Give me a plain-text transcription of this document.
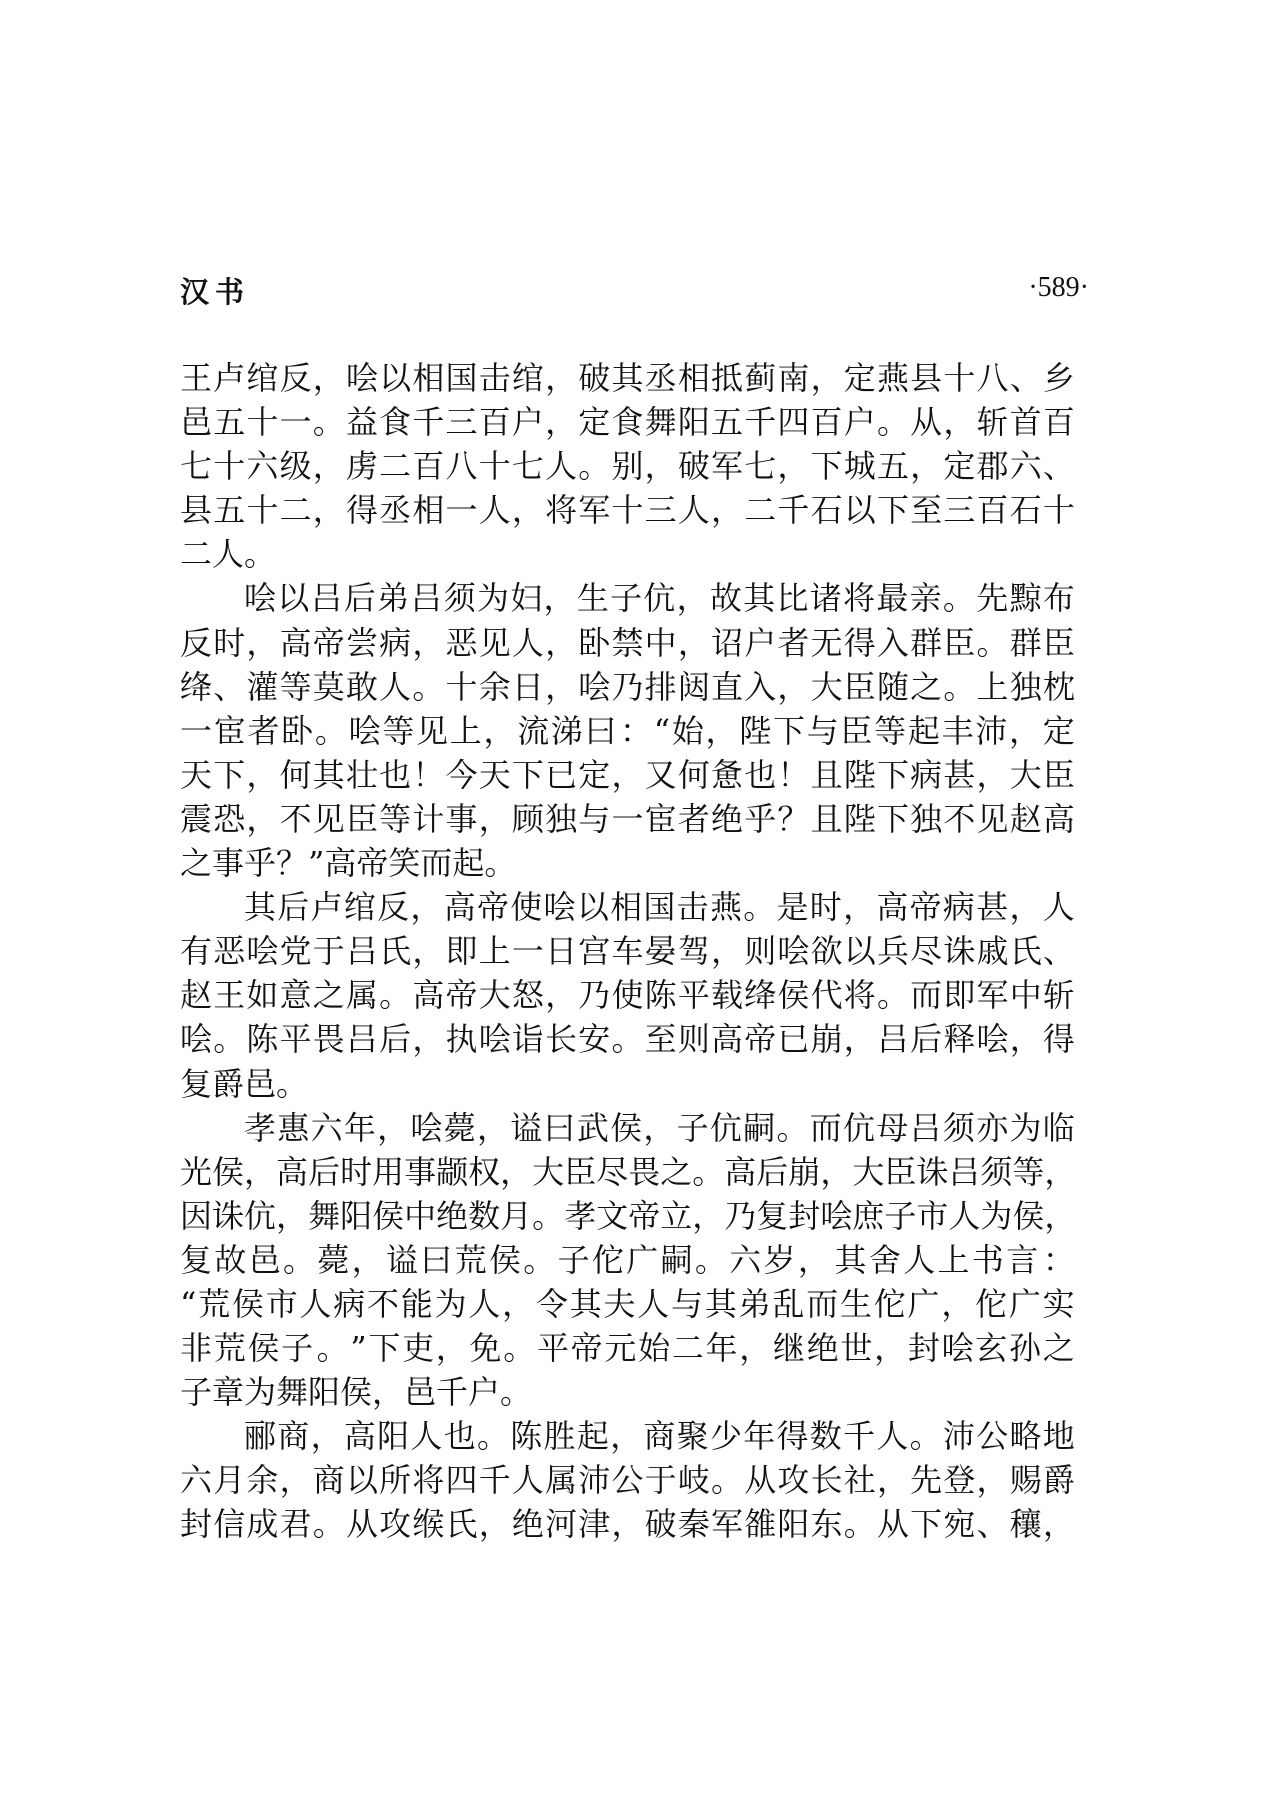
汉书	·589·
王 卢 绾 反 ， 哙 以 相 国 击 绾 ， 破 其 丞 相 抵 蓟 南 ， 定 燕 县 十 八 、 乡
邑 五 十 一 。 益 食 千 三 百 户 ， 定 食 舞 阳 五 千 四 百 户 。 从 ， 斩 首 百
七 十 六 级 ， 虏 二 百 八 十 七 人 。 别 ， 破 军 七 ， 下 城 五 ， 定 郡 六 、
县 五 十 二 ， 得 丞 相 一 人 ， 将 军 十 三 人 ， 二 千 石 以 下 至 三 百 石 十
二人。
哙 以 吕 后 弟 吕 须 为 妇 ， 生 子 伉 ， 故 其 比 诸 将 最 亲 。 先 黥 布
反 时 ， 高 帝 尝 病 ， 恶 见 人 ， 卧 禁 中 ， 诏 户 者 无 得 入 群 臣 。 群 臣
绛 、 灌 等 莫 敢 人 。 十 余 日 ， 哙 乃 排 闼 直 入 ， 大 臣 随 之 。 上 独 枕
一 宦 者 卧 。 哙 等 见 上 ， 流 涕 曰 ： “ 始 ， 陛 下 与 臣 等 起 丰 沛 ， 定
天 下 ， 何 其 壮 也 ！ 今 天 下 已 定 ， 又 何 惫 也 ！ 且 陛 下 病 甚 ， 大 臣
震 恐 ， 不 见 臣 等 计 事 ， 顾 独 与 一 宦 者 绝 乎 ？ 且 陛 下 独 不 见 赵 高
之事乎？”高帝笑而起。
其 后 卢 绾 反 ， 高 帝 使 哙 以 相 国 击 燕 。 是 时 ， 高 帝 病 甚 ， 人
有 恶 哙 党 于 吕 氏 ， 即 上 一 日 宫 车 晏 驾 ， 则 哙 欲 以 兵 尽 诛 戚 氏 、
赵 王 如 意 之 属 。 高 帝 大 怒 ， 乃 使 陈 平 载 绛 侯 代 将 。 而 即 军 中 斩
哙 。 陈 平 畏 吕 后 ， 执 哙 诣 长 安 。 至 则 高 帝 已 崩 ， 吕 后 释 哙 ， 得
复爵邑。
孝 惠 六 年 ， 哙 薨 ， 谥 曰 武 侯 ， 子 伉 嗣 。 而 伉 母 吕 须 亦 为 临
光 侯 ， 高 后 时 用 事 颛 权 ， 大 臣 尽 畏 之 。 高 后 崩 ， 大 臣 诛 吕 须 等 ，
因 诛 伉 ， 舞 阳 侯 中 绝 数 月 。 孝 文 帝 立 ， 乃 复 封 哙 庶 子 市 人 为 侯 ，
复 故 邑 。 薨 ， 谥 曰 荒 侯 。 子 佗 广 嗣 。 六 岁 ， 其 舍 人 上 书 言 ：
“ 荒 侯 市 人 病 不 能 为 人 ， 令 其 夫 人 与 其 弟 乱 而 生 佗 广 ， 佗 广 实
非 荒 侯 子 。 ” 下 吏 ， 免 。 平 帝 元 始 二 年 ， 继 绝 世 ， 封 哙 玄 孙 之
子章为舞阳侯，邑千户。
郦 商 ， 高 阳 人 也 。 陈 胜 起 ， 商 聚 少 年 得 数 千 人 。 沛 公 略 地
六 月 余 ， 商 以 所 将 四 千 人 属 沛 公 于 岐 。 从 攻 长 社 ， 先 登 ， 赐 爵
封 信 成 君 。 从 攻 缑 氏 ， 绝 河 津 ， 破 秦 军 雒 阳 东 。 从 下 宛 、 穰 ，
